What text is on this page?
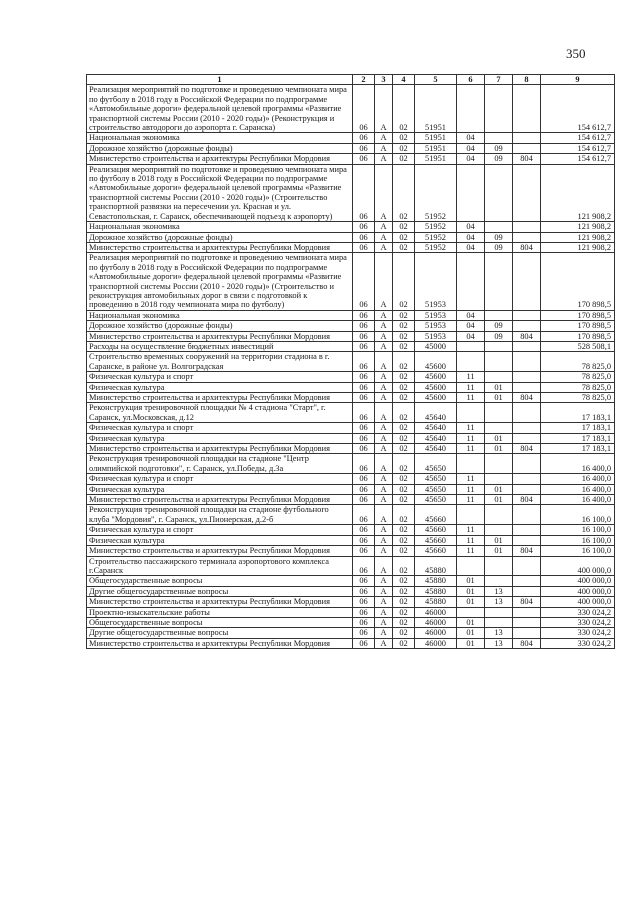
350
1	2	3	4	5	6	7	8	9
Реализация мероприятий по подготовке и проведению чемпионата мира по футболу в 2018 году в Российской Федерации по подпрограмме «Автомобильные дороги» федеральной целевой программы «Развитие транспортной системы России (2010 - 2020 годы)» (Реконструкция и строительство автодороги до аэропорта г. Саранска)	06	А	02	51951				154 612,7
Национальная экономика	06	А	02	51951	04			154 612,7
Дорожное хозяйство (дорожные фонды)	06	А	02	51951	04	09		154 612,7
Министерство строительства и архитектуры Республики Мордовия	06	А	02	51951	04	09	804	154 612,7
Реализация мероприятий по подготовке и проведению чемпионата мира по футболу в 2018 году в Российской Федерации по подпрограмме «Автомобильные дороги» федеральной целевой программы «Развитие транспортной системы России (2010 - 2020 годы)» (Строительство транспортной развязки на пересечении ул. Красная и ул. Севастопольская, г. Саранск, обеспечивающей подъезд к аэропорту)	06	А	02	51952				121 908,2
Национальная экономика	06	А	02	51952	04			121 908,2
Дорожное хозяйство (дорожные фонды)	06	А	02	51952	04	09		121 908,2
Министерство строительства и архитектуры Республики Мордовия	06	А	02	51952	04	09	804	121 908,2
Реализация мероприятий по подготовке и проведению чемпионата мира по футболу в 2018 году в Российской Федерации по подпрограмме «Автомобильные дороги» федеральной целевой программы «Развитие транспортной системы России (2010 - 2020 годы)» (Строительство и реконструкция автомобильных дорог в связи с подготовкой к проведению в 2018 году чемпионата мира по футболу)	06	А	02	51953				170 898,5
Национальная экономика	06	А	02	51953	04			170 898,5
Дорожное хозяйство (дорожные фонды)	06	А	02	51953	04	09		170 898,5
Министерство строительства и архитектуры Республики Мордовия	06	А	02	51953	04	09	804	170 898,5
Расходы на осуществление бюджетных инвестиций	06	А	02	45000				528 508,1
Строительство временных сооружений на территории стадиона в г. Саранске, в районе ул. Волгоградская	06	А	02	45600				78 825,0
Физическая культура и спорт	06	А	02	45600	11			78 825,0
Физическая культура	06	А	02	45600	11	01		78 825,0
Министерство строительства и архитектуры Республики Мордовия	06	А	02	45600	11	01	804	78 825,0
Реконструкция тренировочной площадки № 4 стадиона "Старт", г. Саранск, ул.Московская, д.12	06	А	02	45640				17 183,1
Физическая культура и спорт	06	А	02	45640	11			17 183,1
Физическая культура	06	А	02	45640	11	01		17 183,1
Министерство строительства и архитектуры Республики Мордовия	06	А	02	45640	11	01	804	17 183,1
Реконструкция тренировочной площадки на стадионе "Центр олимпийской подготовки", г. Саранск, ул.Победы, д.3а	06	А	02	45650				16 400,0
Физическая культура и спорт	06	А	02	45650	11			16 400,0
Физическая культура	06	А	02	45650	11	01		16 400,0
Министерство строительства и архитектуры Республики Мордовия	06	А	02	45650	11	01	804	16 400,0
Реконструкция тренировочной площадки на стадионе футбольного клуба "Мордовия", г. Саранск, ул.Пионерская, д.2-б	06	А	02	45660				16 100,0
Физическая культура и спорт	06	А	02	45660	11			16 100,0
Физическая культура	06	А	02	45660	11	01		16 100,0
Министерство строительства и архитектуры Республики Мордовия	06	А	02	45660	11	01	804	16 100,0
Строительство пассажирского терминала аэропортового комплекса г.Саранск	06	А	02	45880				400 000,0
Общегосударственные вопросы	06	А	02	45880	01			400 000,0
Другие общегосударственные вопросы	06	А	02	45880	01	13		400 000,0
Министерство строительства и архитектуры Республики Мордовия	06	А	02	45880	01	13	804	400 000,0
Проектно-изыскательские работы	06	А	02	46000				330 024,2
Общегосударственные вопросы	06	А	02	46000	01			330 024,2
Другие общегосударственные вопросы	06	А	02	46000	01	13		330 024,2
Министерство строительства и архитектуры Республики Мордовия	06	А	02	46000	01	13	804	330 024,2
